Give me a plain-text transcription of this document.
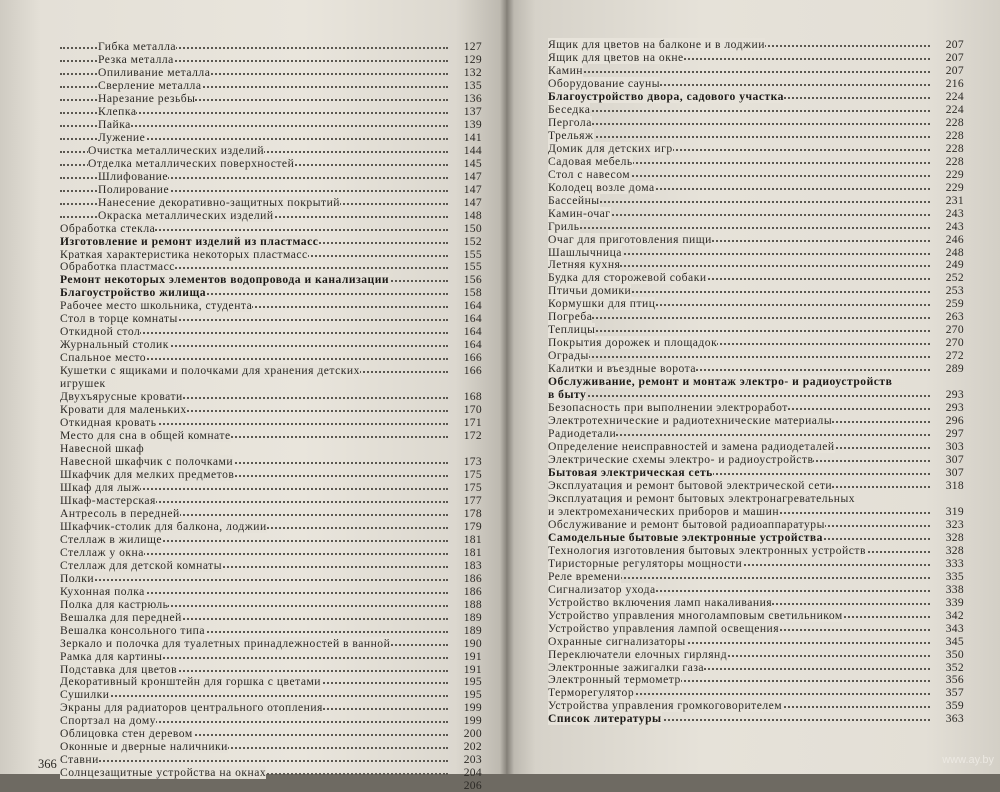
Гибка металла	127
Резка металла	129
Опиливание металла	132
Сверление металла	135
Нарезание резьбы	136
Клепка	137
Пайка	139
Лужение	141
Очистка металлических изделий	144
Отделка металлических поверхностей	145
Шлифование	147
Полирование	147
Нанесение декоративно-защитных покрытий	147
Окраска металлических изделий	148
Обработка стекла	150
Изготовление и ремонт изделий из пластмасс	152
Краткая характеристика некоторых пластмасс	155
Обработка пластмасс	155
Ремонт некоторых элементов водопровода и канализации	156
Благоустройство жилища	158
Рабочее место школьника, студента	164
Стол в торце комнаты	164
Откидной стол	164
Журнальный столик	164
Спальное место	166
Кушетки с ящиками и полочками для хранения детских	166
игрушек
Двухъярусные кровати	168
Кровати для маленьких	170
Откидная кровать	171
Место для сна в общей комнате	172
Навесной шкаф
Навесной шкафчик с полочками	173
Шкафчик для мелких предметов	175
Шкаф для лыж	175
Шкаф-мастерская	177
Антресоль в передней	178
Шкафчик-столик для балкона, лоджии	179
Стеллаж в жилище	181
Стеллаж у окна	181
Стеллаж для детской комнаты	183
Полки	186
Кухонная полка	186
Полка для кастрюль	188
Вешалка для передней	189
Вешалка консольного типа	189
Зеркало и полочка для туалетных принадлежностей в ванной	190
Рамка для картины	191
Подставка для цветов	191
Декоративный кронштейн для горшка с цветами	195
Сушилки	195
Экраны для радиаторов центрального отопления	199
Спортзал на дому	199
Облицовка стен деревом	200
Оконные и дверные наличники	202
Ставни	203
Солнцезащитные устройства на окнах	204
206
366
Ящик для цветов на балконе и в лоджии	207
Ящик для цветов на окне	207
Камин	207
Оборудование сауны	216
Благоустройство двора, садового участка	224
Беседка	224
Пергола	228
Трельяж	228
Домик для детских игр	228
Садовая мебель	228
Стол с навесом	229
Колодец возле дома	229
Бассейны	231
Камин-очаг	243
Гриль	243
Очаг для приготовления пищи	246
Шашлычница	248
Летняя кухня	249
Будка для сторожевой собаки	252
Птичьи домики	253
Кормушки для птиц	259
Погреба	263
Теплицы	270
Покрытия дорожек и площадок	270
Ограды	272
Калитки и въездные ворота	289
Обслуживание, ремонт и монтаж электро- и радиоустройств
в быту	293
Безопасность при выполнении электроработ	293
Электротехнические и радиотехнические материалы	296
Радиодетали	297
Определение неисправностей и замена радиодеталей	303
Электрические схемы электро- и радиоустройств	307
Бытовая электрическая сеть	307
Эксплуатация и ремонт бытовой электрической сети	318
Эксплуатация и ремонт бытовых электронагревательных
и электромеханических приборов и машин	319
Обслуживание и ремонт бытовой радиоаппаратуры	323
Самодельные бытовые электронные устройства	328
Технология изготовления бытовых электронных устройств	328
Тиристорные регуляторы мощности	333
Реле времени	335
Сигнализатор ухода	338
Устройство включения ламп накаливания	339
Устройство управления многоламповым светильником	342
Устройство управления лампой освещения	343
Охранные сигнализаторы	345
Переключатели елочных гирлянд	350
Электронные зажигалки газа	352
Электронный термометр	356
Терморегулятор	357
Устройства управления громкоговорителем	359
Список литературы	363
www.ay.by
